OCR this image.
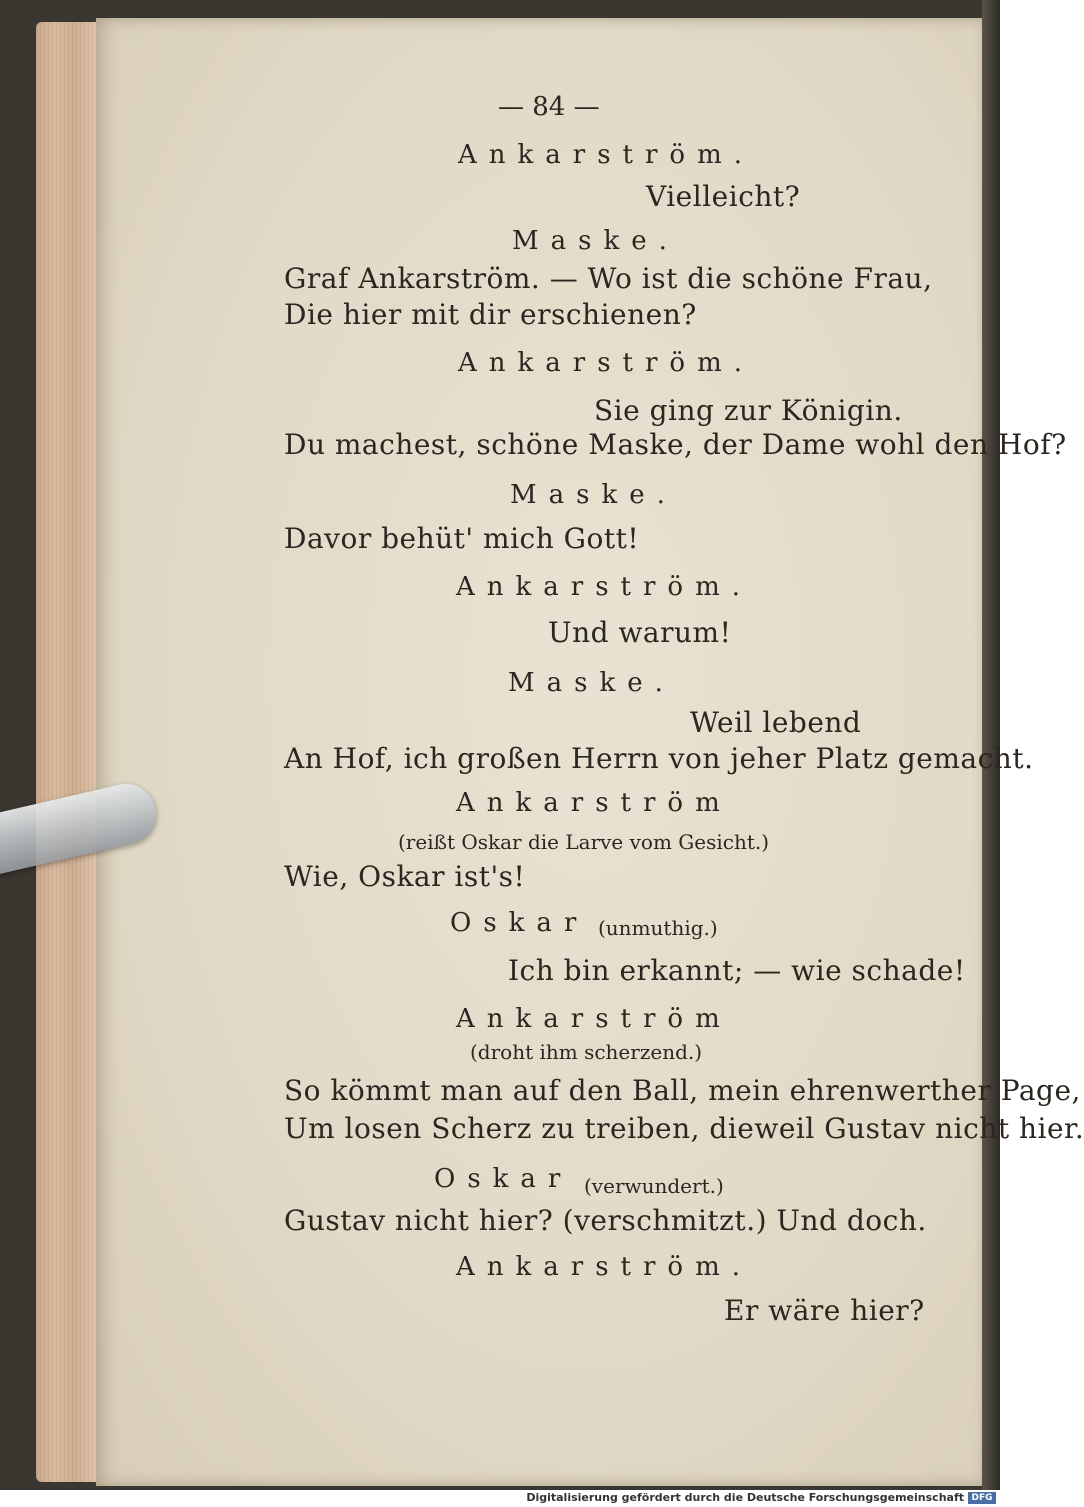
— 84 —
Ankarström.
Vielleicht?
Maske.
Graf Ankarström. — Wo ist die schöne Frau,
Die hier mit dir erschienen?
Ankarström.
Sie ging zur Königin.
Du machest, schöne Maske, der Dame wohl den Hof?
Maske.
Davor behüt' mich Gott!
Ankarström.
Und warum!
Maske.
Weil lebend
An Hof, ich großen Herrn von jeher Platz gemacht.
Ankarström
(reißt Oskar die Larve vom Gesicht.)
Wie, Oskar ist's!
Oskar (unmuthig.)
Ich bin erkannt; — wie schade!
Ankarström
(droht ihm scherzend.)
So kömmt man auf den Ball, mein ehrenwerther Page,
Um losen Scherz zu treiben, dieweil Gustav nicht hier.
Oskar (verwundert.)
Gustav nicht hier? (verschmitzt.) Und doch.
Ankarström.
Er wäre hier?
Digitalisierung gefördert durch die Deutsche Forschungsgemeinschaft DFG
